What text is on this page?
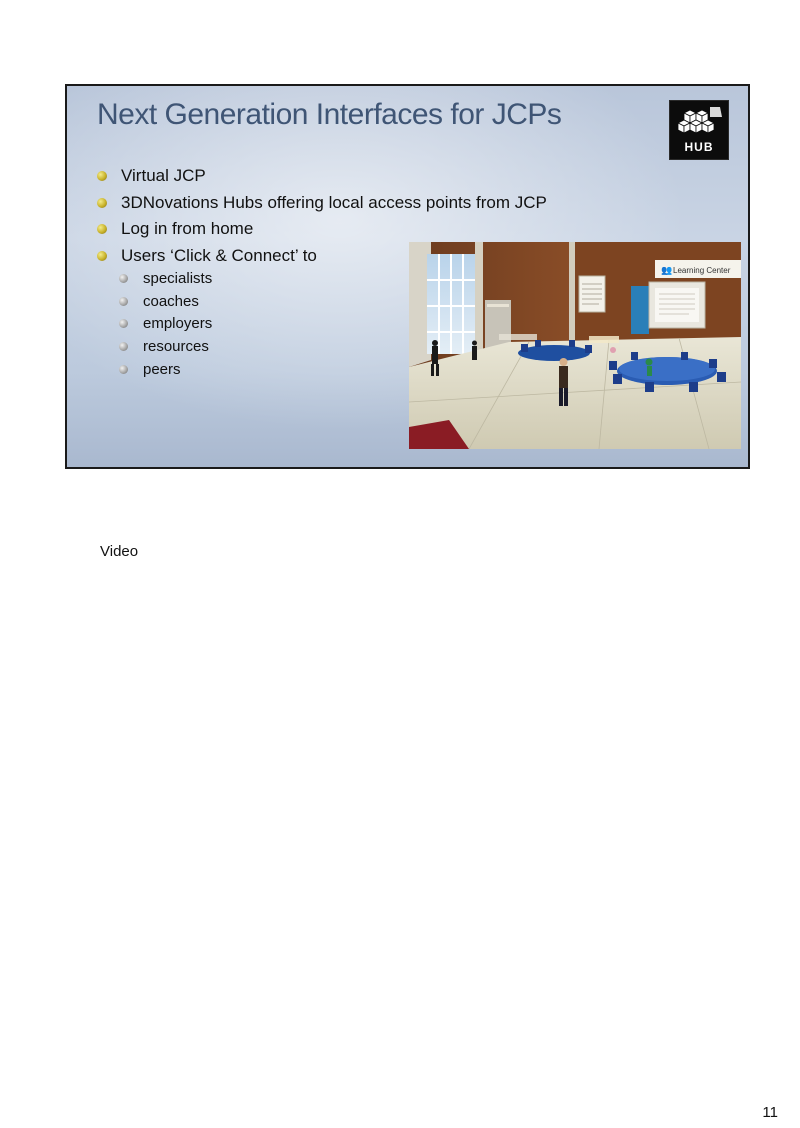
Next Generation Interfaces for JCPs
HUB
Virtual JCP
3DNovations Hubs offering local access points from JCP
Log in from home
Users ‘Click & Connect’ to
specialists
coaches
employers
resources
peers
👥 Learning Center
Video
11
